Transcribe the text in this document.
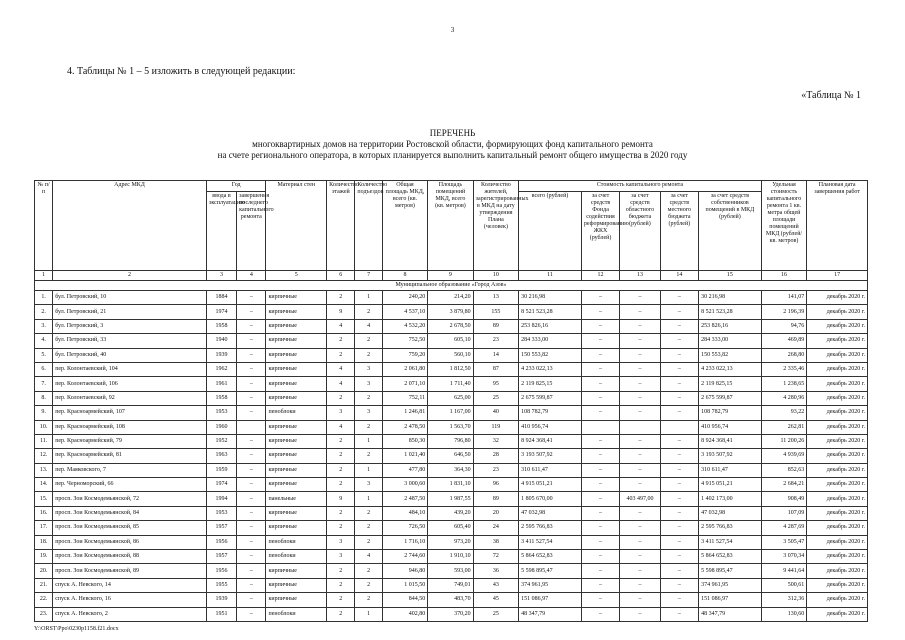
3
4. Таблицы № 1 – 5 изложить в следующей редакции:
«Таблица № 1
ПЕРЕЧЕНЬ
многоквартирных домов на территории Ростовской области, формирующих фонд капитального ремонта
на счете регионального оператора, в которых планируется выполнить капитальный ремонт общего имущества в 2020 году
№ п/п	Адрес МКД	Год		Материал стен	Количество этажей	Количество подъездов	Общая площадь МКД, всего (кв. метров)	Площадь помещений МКД, всего (кв. метров)	Количество жителей, зарегистрированных в МКД на дату утверждения Плана (человек)	Стоимость капитального ремонта					Удельная стоимость капитального ремонта 1 кв. метра общей площади помещений МКД (рублей/кв. метров)	Плановая дата завершения работ
		ввода в эксплуатацию	завершения последнего капитального ремонта							всего (рублей)	за счет средств Фонда содействия реформированию ЖКХ (рублей)	за счет средств областного бюджета (рублей)	за счет средств местного бюджета (рублей)	за счет средств собственников помещений в МКД (рублей)		
1	2	3	4	5	6	7	8	9	10	11	12	13	14	15	16	17
Муниципальное образование «Город Азов»																
1.	бул. Петровский, 10	1884	–	кирпичные	2	1	240,20	214,20	13	30 216,98	–	–	–	30 216,98	141,07	декабрь 2020 г.
2.	бул. Петровский, 21	1974	–	кирпичные	9	2	4 537,10	3 879,80	155	8 521 523,28	–	–	–	8 521 523,28	2 196,39	декабрь 2020 г.
3.	бул. Петровский, 3	1958	–	кирпичные	4	4	4 532,20	2 678,50	89	253 826,16	–	–	–	253 826,16	94,76	декабрь 2020 г.
4.	бул. Петровский, 33	1940	–	кирпичные	2	2	752,50	605,10	23	284 333,00	–	–	–	284 333,00	469,89	декабрь 2020 г.
5.	бул. Петровский, 40	1939	–	кирпичные	2	2	759,20	560,10	14	150 553,82	–	–	–	150 553,82	268,80	декабрь 2020 г.
6.	пер. Колонтаевский, 104	1962	–	кирпичные	4	3	2 061,80	1 812,50	87	4 233 022,13	–	–	–	4 233 022,13	2 335,46	декабрь 2020 г.
7.	пер. Колонтаевский, 106	1961	–	кирпичные	4	3	2 071,10	1 711,40	95	2 119 825,15	–	–	–	2 119 825,15	1 238,65	декабрь 2020 г.
8.	пер. Колонтаевский, 92	1958	–	кирпичные	2	2	752,11	625,00	25	2 675 599,87	–	–	–	2 675 599,87	4 280,96	декабрь 2020 г.
9.	пер. Красноармейский, 107	1953	–	пеноблоки	3	3	1 246,81	1 167,00	40	108 782,79	–	–	–	108 782,79	93,22	декабрь 2020 г.
10.	пер. Красноармейский, 108	1960		кирпичные	4	2	2 478,50	1 563,70	119	410 956,74				410 956,74	262,81	декабрь 2020 г.
11.	пер. Красноармейский, 79	1952	–	кирпичные	2	1	850,30	796,80	32	8 924 368,41	–	–	–	8 924 368,41	11 200,26	декабрь 2020 г.
12.	пер. Красноармейский, 81	1963	–	кирпичные	2	2	1 021,40	646,50	28	3 193 507,92	–	–	–	3 193 507,92	4 939,69	декабрь 2020 г.
13.	пер. Маяковского, 7	1959	–	кирпичные	2	1	477,80	364,30	23	310 611,47	–	–	–	310 611,47	852,63	декабрь 2020 г.
14.	пер. Черноморский, 66	1974	–	кирпичные	2	3	3 000,60	1 831,10	96	4 915 051,21	–	–	–	4 915 051,21	2 684,21	декабрь 2020 г.
15.	просп. Зои Космодемьянской, 72	1994	–	панельные	9	1	2 487,50	1 987,55	89	1 805 670,00	–	403 497,00	–	1 402 173,00	908,49	декабрь 2020 г.
16.	просп. Зои Космодемьянской, 84	1953	–	кирпичные	2	2	484,10	439,20	20	47 032,98	–	–	–	47 032,98	107,09	декабрь 2020 г.
17.	просп. Зои Космодемьянской, 85	1957	–	кирпичные	2	2	726,50	605,40	24	2 595 766,83	–	–	–	2 595 766,83	4 287,69	декабрь 2020 г.
18.	просп. Зои Космодемьянской, 86	1956	–	пеноблоки	3	2	1 716,10	973,20	38	3 411 527,54	–	–	–	3 411 527,54	3 505,47	декабрь 2020 г.
19.	просп. Зои Космодемьянской, 88	1957	–	пеноблоки	3	4	2 744,60	1 910,10	72	5 864 652,83	–	–	–	5 864 652,83	3 070,34	декабрь 2020 г.
20.	просп. Зои Космодемьянской, 89	1956	–	кирпичные	2	2	946,80	593,00	36	5 598 895,47	–	–	–	5 598 895,47	9 441,64	декабрь 2020 г.
21.	спуск А. Невского, 14	1955	–	кирпичные	2	2	1 015,50	749,01	43	374 961,95	–	–	–	374 961,95	500,61	декабрь 2020 г.
22.	спуск А. Невского, 16	1939	–	кирпичные	2	2	844,50	483,70	45	151 086,97	–	–	–	151 086,97	312,36	декабрь 2020 г.
23.	спуск А. Невского, 2	1951	–	пеноблоки	2	1	402,80	370,20	25	48 347,79	–	–	–	48 347,79	130,60	декабрь 2020 г.
Y:\ORST\Ppo\0230p1158.f21.docx
